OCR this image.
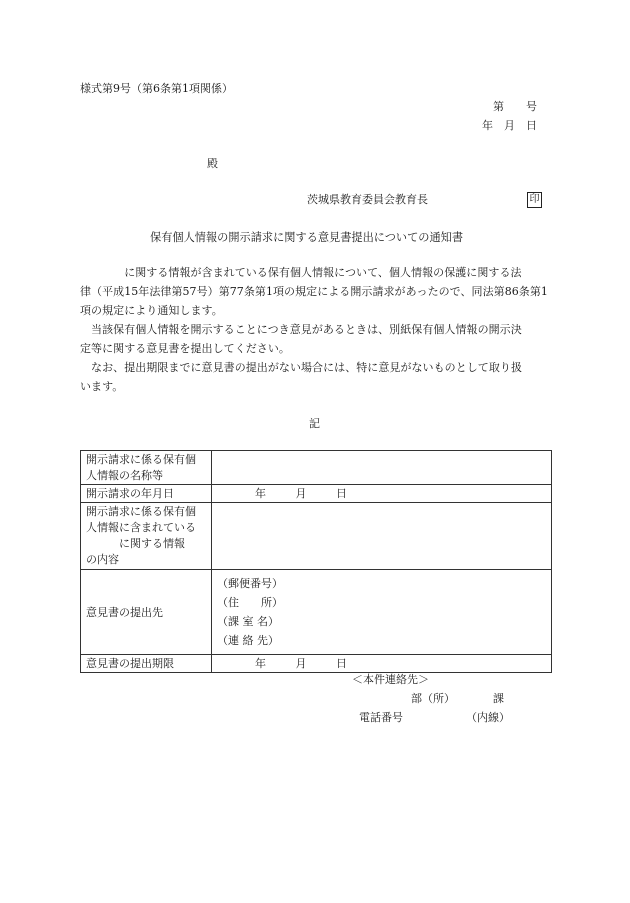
様式第9号（第6条第1項関係）
第　　号
年　月　日
殿
茨城県教育委員会教育長	印
保有個人情報の開示請求に関する意見書提出についての通知書
　　　　に関する情報が含まれている保有個人情報について、個人情報の保護に関する法
律（平成15年法律第57号）第77条第1項の規定による開示請求があったので、同法第86条第1
項の規定により通知します。
　当該保有個人情報を開示することにつき意見があるときは、別紙保有個人情報の開示決
定等に関する意見書を提出してください。
　なお、提出期限までに意見書の提出がない場合には、特に意見がないものとして取り扱
います。
記
開示請求に係る保有個
人情報の名称等	

開示請求の年月日	年 月 日

開示請求に係る保有個
人情報に含まれている
　　　に関する情報
の内容	

意見書の提出先	（郵便番号）
（住　　所）
（課 室 名）
（連 絡 先）

意見書の提出期限	年 月 日
＜本件連絡先＞
部（所）	課
電話番号	（内線）
